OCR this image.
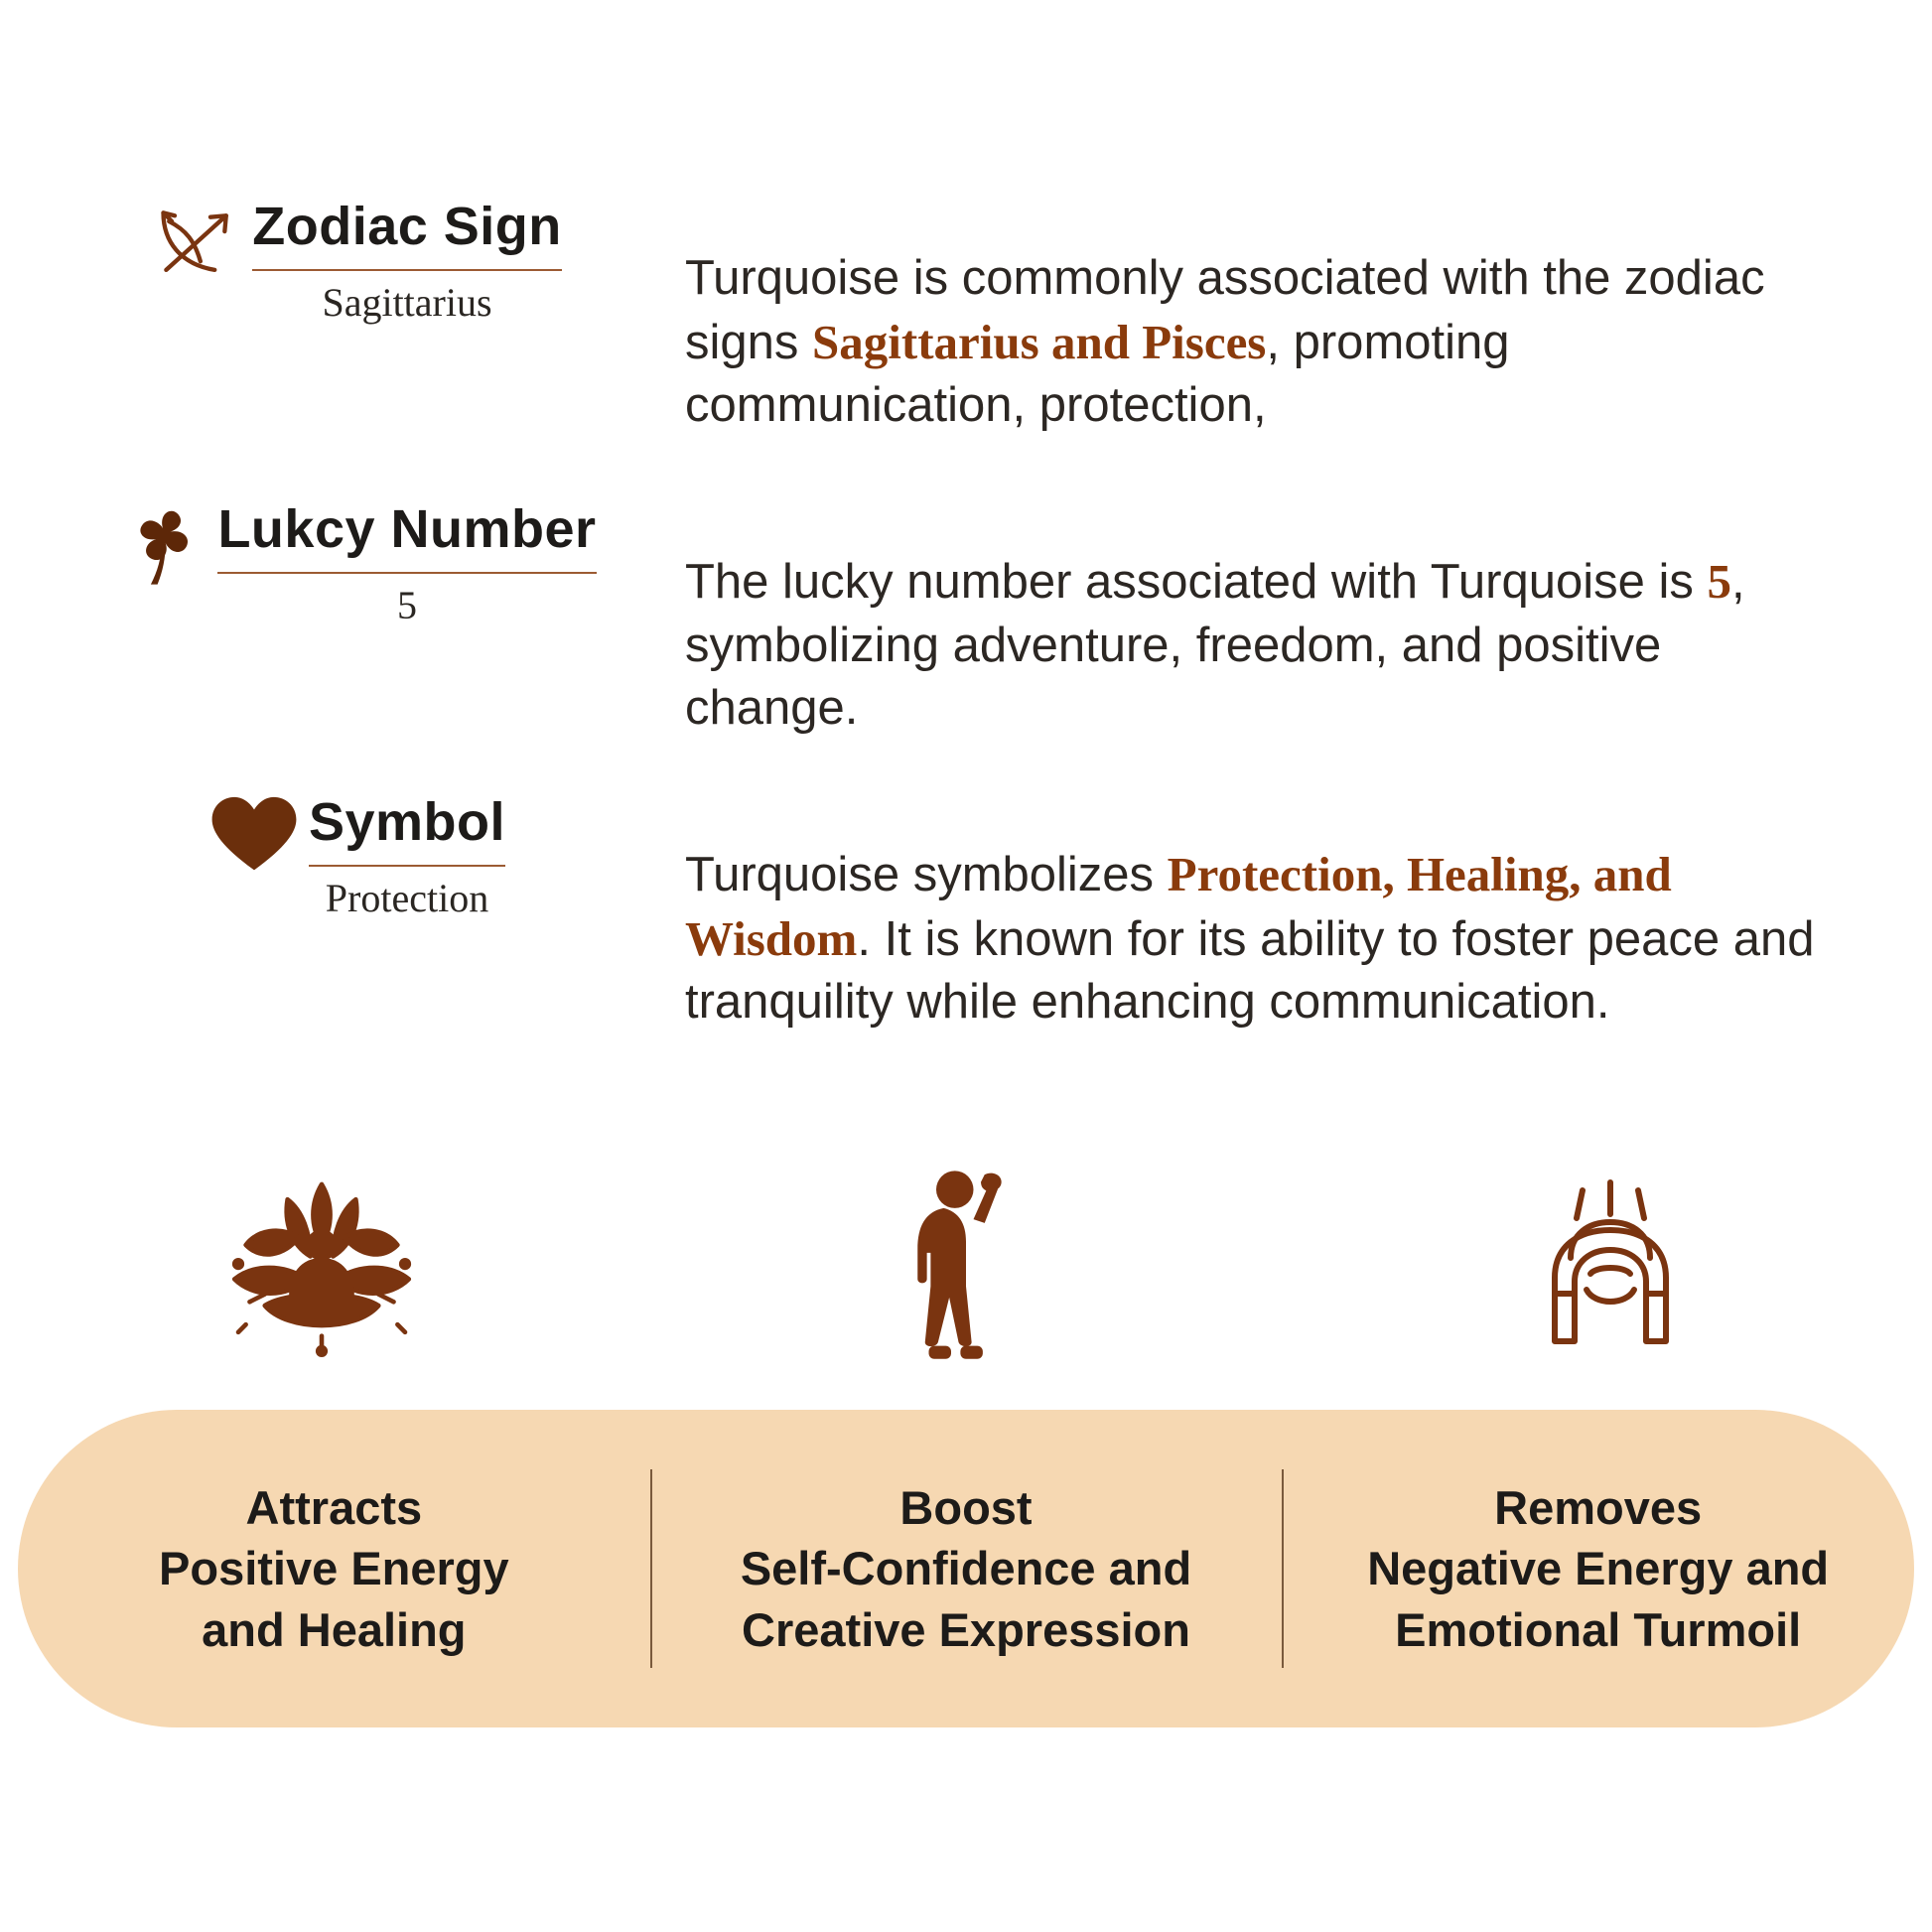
Zodiac Sign
Sagittarius	Turquoise is commonly associated with the zodiac signs Sagittarius and Pisces, promoting communication, protection,

Lukcy Number
5	The lucky number associated with Turquoise is 5, symbolizing adventure, freedom, and positive change.

Symbol
Protection	Turquoise symbolizes Protection, Healing, and Wisdom. It is known for its ability to foster peace and tranquility while enhancing communication.

Attracts
Positive Energy
and Healing
Boost
Self-Confidence and
Creative Expression
Removes
Negative Energy and
Emotional Turmoil
